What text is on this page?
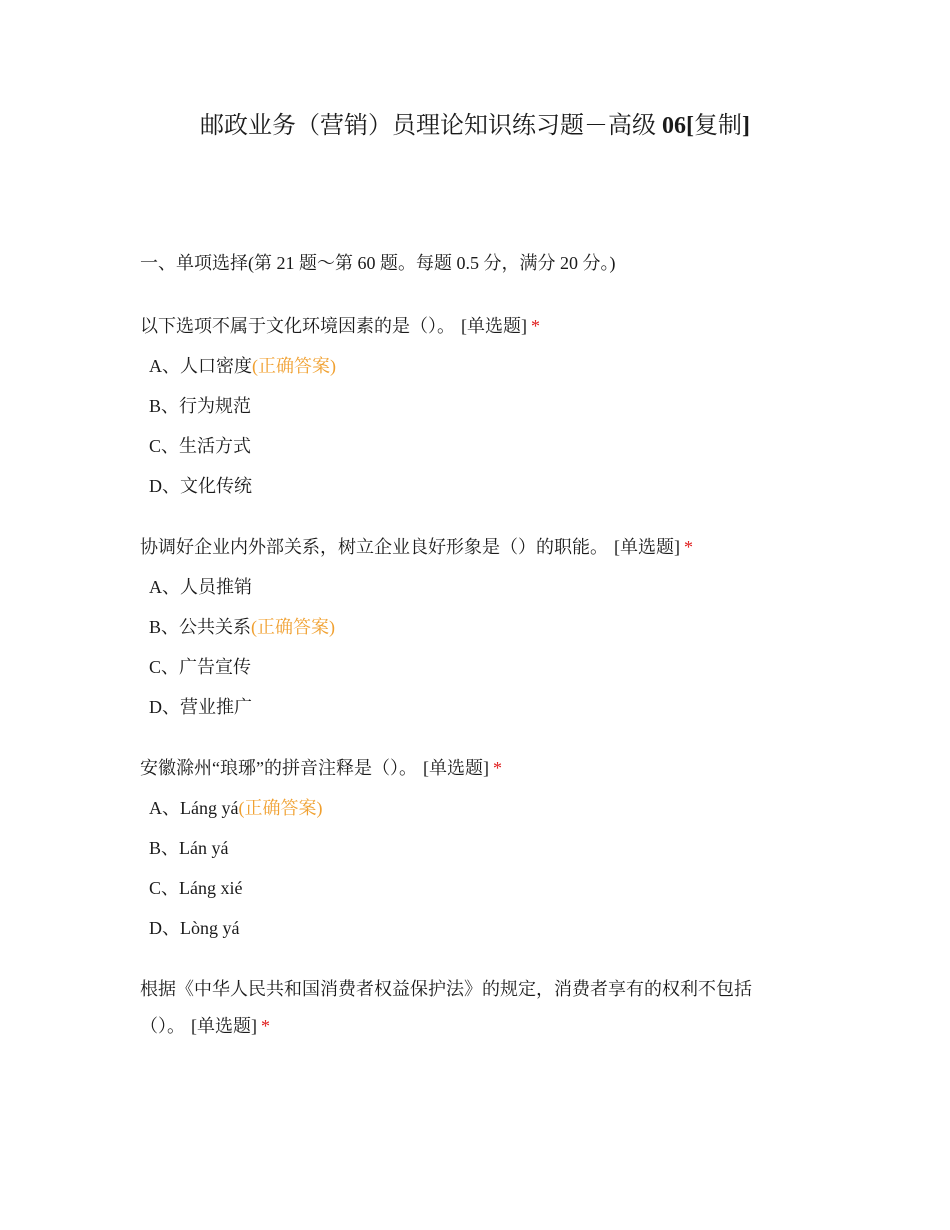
邮政业务（营销）员理论知识练习题－高级 06[复制]
一、单项选择(第 21 题～第 60 题。每题 0.5 分，满分 20 分。)
以下选项不属于文化环境因素的是（）。 [单选题] *
A、人口密度(正确答案)
B、行为规范
C、生活方式
D、文化传统
协调好企业内外部关系，树立企业良好形象是（）的职能。 [单选题] *
A、人员推销
B、公共关系(正确答案)
C、广告宣传
D、营业推广
安徽滁州“琅琊”的拼音注释是（）。 [单选题] *
A、Láng yá(正确答案)
B、Lán yá
C、Láng xié
D、Lòng yá
根据《中华人民共和国消费者权益保护法》的规定，消费者享有的权利不包括（）。 [单选题] *
